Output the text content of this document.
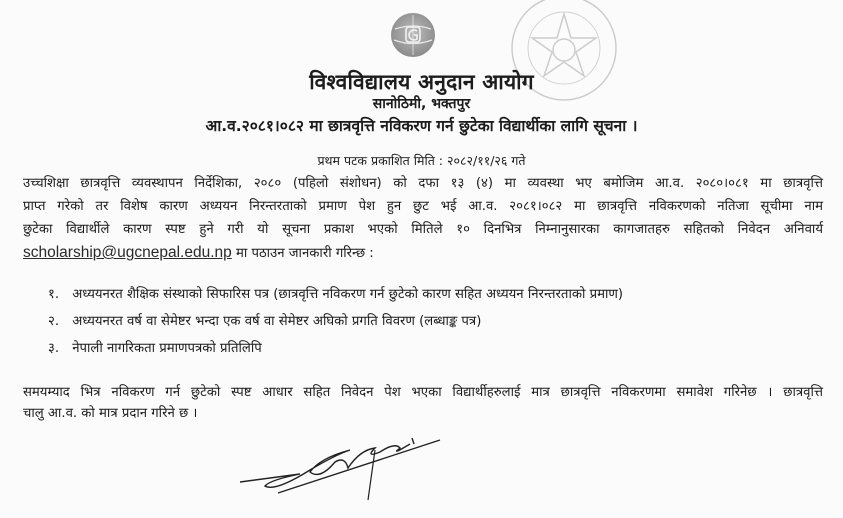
विश्वविद्यालय अनुदान आयोग
सानोठिमी, भक्तपुर
आ.व.२०८१।०८२ मा छात्रवृत्ति नविकरण गर्न छुटेका विद्यार्थीका लागि सूचना ।
प्रथम पटक प्रकाशित मिति : २०८२/११/२६ गते
उच्चशिक्षा छात्रवृत्ति व्यवस्थापन निर्देशिका, २०८० (पहिलो संशोधन) को दफा १३ (४) मा व्यवस्था भए बमोजिम आ.व. २०८०।०८१ मा छात्रवृत्ति
प्राप्त गरेको तर विशेष कारण अध्ययन निरन्तरताको प्रमाण पेश हुन छुट भई आ.व. २०८१।०८२ मा छात्रवृत्ति नविकरणको नतिजा सूचीमा नाम
छुटेका विद्यार्थीले कारण स्पष्ट हुने गरी यो सूचना प्रकाश भएको मितिले १० दिनभित्र निम्नानुसारका कागजातहरु सहितको निवेदन अनिवार्य
scholarship@ugcnepal.edu.np मा पठाउन जानकारी गरिन्छ :
१. अध्ययनरत शैक्षिक संस्थाको सिफारिस पत्र (छात्रवृत्ति नविकरण गर्न छुटेको कारण सहित अध्ययन निरन्तरताको प्रमाण)
२. अध्ययनरत वर्ष वा सेमेष्टर भन्दा एक वर्ष वा सेमेष्टर अघिको प्रगति विवरण (लब्धाङ्क पत्र)
३. नेपाली नागरिकता प्रमाणपत्रको प्रतिलिपि
समयम्याद भित्र नविकरण गर्न छुटेको स्पष्ट आधार सहित निवेदन पेश भएका विद्यार्थीहरुलाई मात्र छात्रवृत्ति नविकरणमा समावेश गरिनेछ । छात्रवृत्ति
चालु आ.व. को मात्र प्रदान गरिने छ ।
